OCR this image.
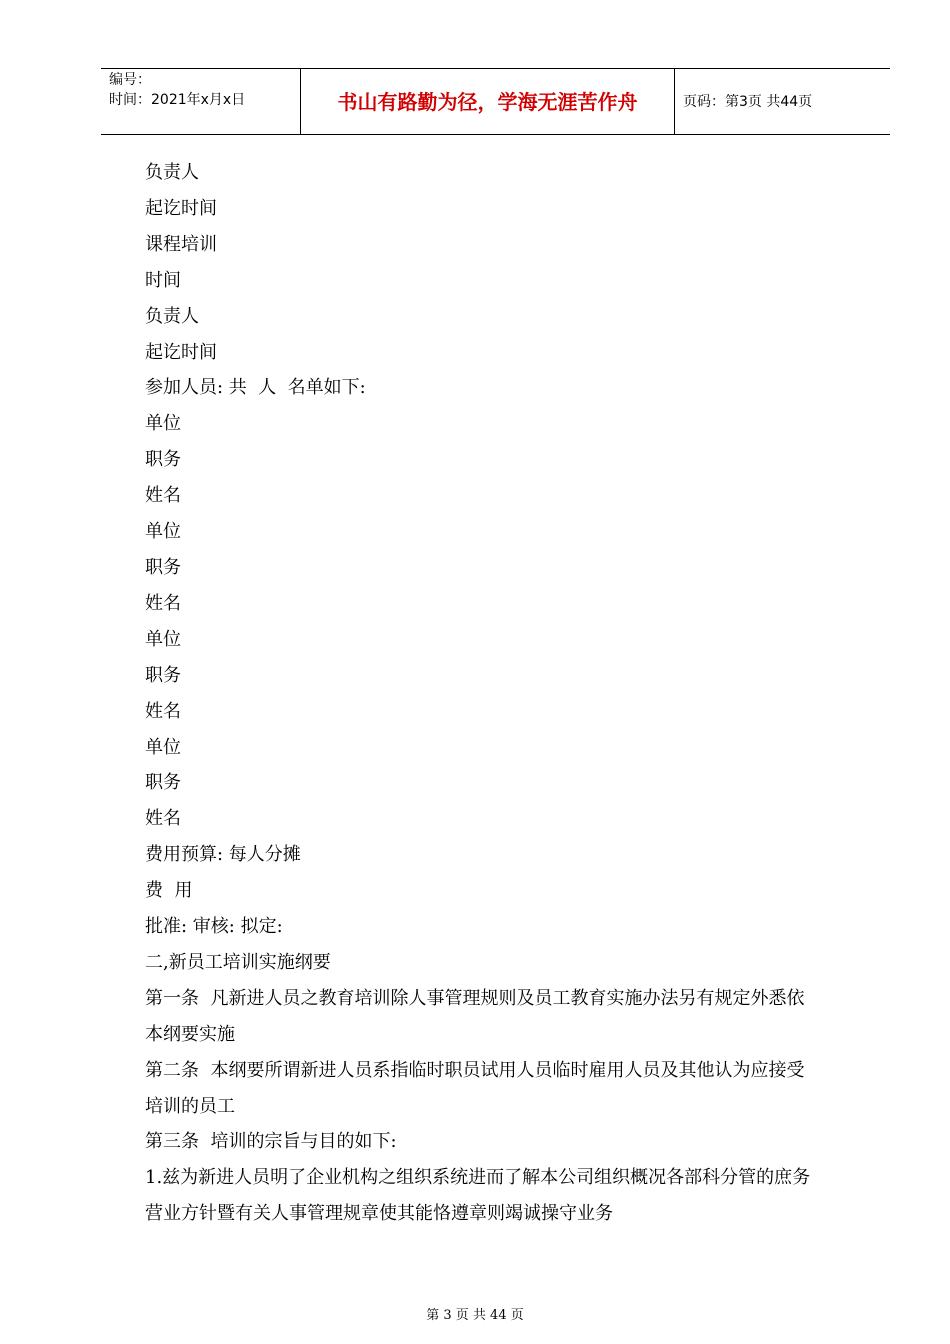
编号：
时间：2021年x月x日	书山有路勤为径，学海无涯苦作舟	页码：第3页 共44页

负责人

起讫时间

课程培训

时间

负责人

起讫时间

参加人员: 共  人  名单如下:

单位

职务

姓名

单位

职务

姓名

单位

职务

姓名

单位

职务

姓名

费用预算: 每人分摊

费  用

批准: 审核: 拟定:

二,新员工培训实施纲要

第一条  凡新进人员之教育培训除人事管理规则及员工教育实施办法另有规定外悉依

本纲要实施

第二条  本纲要所谓新进人员系指临时职员试用人员临时雇用人员及其他认为应接受

培训的员工

第三条  培训的宗旨与目的如下:

1.兹为新进人员明了企业机构之组织系统进而了解本公司组织概况各部科分管的庶务

营业方针暨有关人事管理规章使其能恪遵章则竭诚操守业务

第 3 页 共 44 页
